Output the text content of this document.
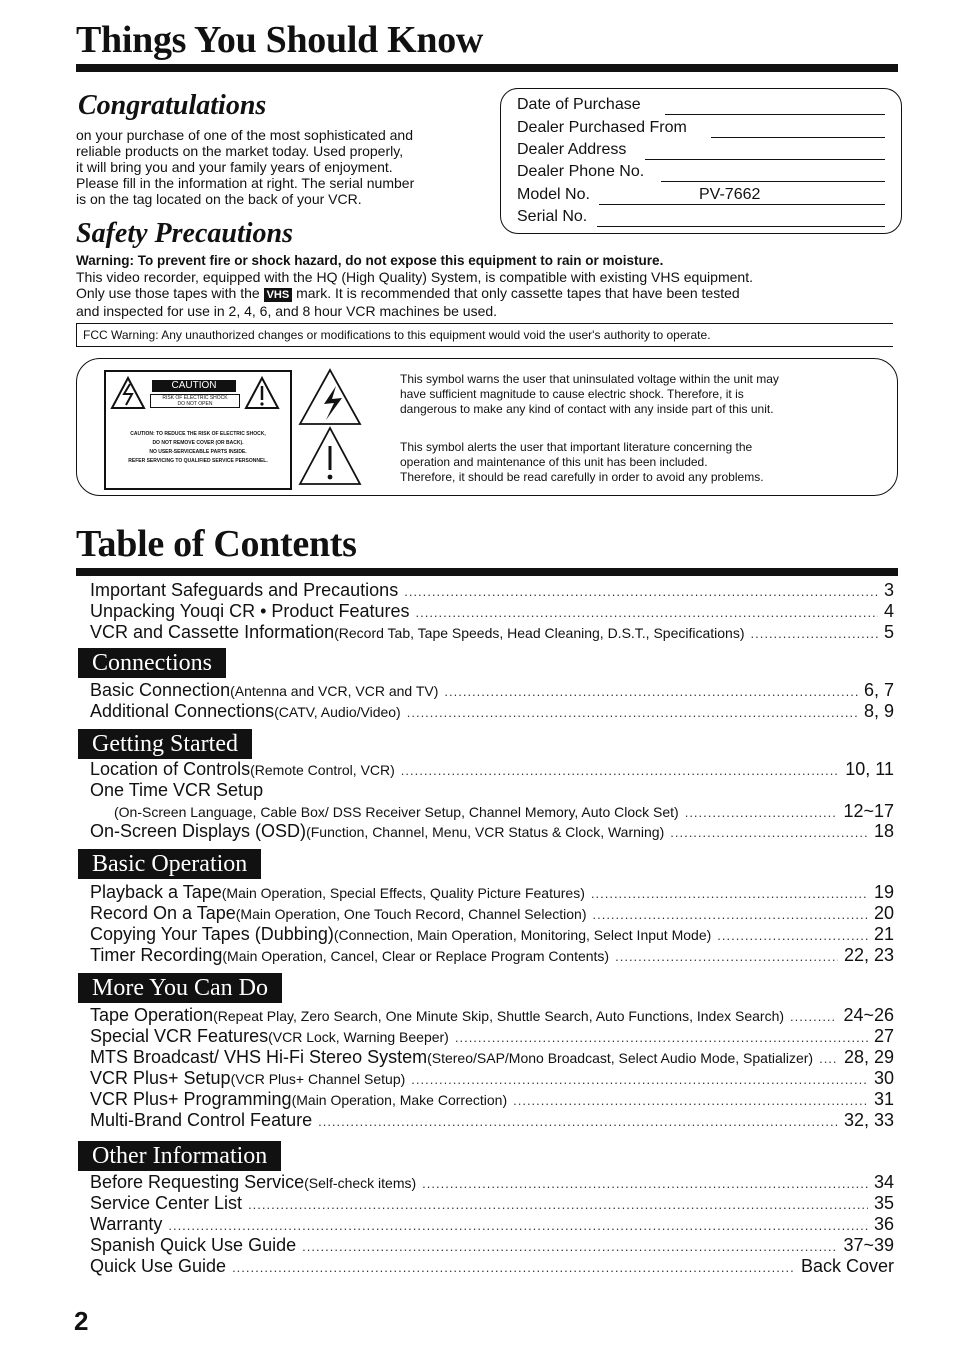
Things You Should Know
Congratulations
on your purchase of one of the most sophisticated and
reliable products on the market today. Used properly,
it will bring you and your family years of enjoyment.
Please fill in the information at right. The serial number
is on the tag located on the back of your VCR.
Date of Purchase
Dealer Purchased From
Dealer Address
Dealer Phone No.
Model No.	PV-7662
Serial No.
Safety Precautions
Warning: To prevent fire or shock hazard, do not expose this equipment to rain or moisture.
This video recorder, equipped with the HQ (High Quality) System, is compatible with existing VHS equipment.
Only use those tapes with the VHS mark. It is recommended that only cassette tapes that have been tested
and inspected for use in 2, 4, 6, and 8 hour VCR machines be used.
FCC Warning: Any unauthorized changes or modifications to this equipment would void the user's authority to operate.
CAUTION
RISK OF ELECTRIC SHOCK
DO NOT OPEN
CAUTION: TO REDUCE THE RISK OF ELECTRIC SHOCK,
DO NOT REMOVE COVER (OR BACK).
NO USER-SERVICEABLE PARTS INSIDE.
REFER SERVICING TO QUALIFIED SERVICE PERSONNEL.
This symbol warns the user that uninsulated voltage within the unit may
have sufficient magnitude to cause electric shock. Therefore, it is
dangerous to make any kind of contact with any inside part of this unit.
This symbol alerts the user that important literature concerning the
operation and maintenance of this unit has been included.
Therefore, it should be read carefully in order to avoid any problems.
Table of Contents
Important Safeguards and Precautions .....	3
Unpacking Youqi CR • Product Features .....	4
VCR and Cassette Information (Record Tab, Tape Speeds, Head Cleaning, D.S.T., Specifications) .....	5
Connections
Basic Connection (Antenna and VCR, VCR and TV) .....	6, 7
Additional Connections (CATV, Audio/Video) .....	8, 9
Getting Started
Location of Controls (Remote Control, VCR) .....	10, 11
One Time VCR Setup
(On-Screen Language, Cable Box/ DSS Receiver Setup, Channel Memory, Auto Clock Set) .....	12~17
On-Screen Displays (OSD) (Function, Channel, Menu, VCR Status & Clock, Warning) .....	18
Basic Operation
Playback a Tape (Main Operation, Special Effects, Quality Picture Features) .....	19
Record On a Tape (Main Operation, One Touch Record, Channel Selection) .....	20
Copying Your Tapes (Dubbing) (Connection, Main Operation, Monitoring, Select Input Mode) .....	21
Timer Recording (Main Operation, Cancel, Clear or Replace Program Contents) .....	22, 23
More You Can Do
Tape Operation (Repeat Play, Zero Search, One Minute Skip, Shuttle Search, Auto Functions, Index Search) .....	24~26
Special VCR Features (VCR Lock, Warning Beeper) .....	27
MTS Broadcast/ VHS Hi-Fi Stereo System (Stereo/SAP/Mono Broadcast, Select Audio Mode, Spatializer) ..... 28, 29
VCR Plus+ Setup (VCR Plus+ Channel Setup) .....	30
VCR Plus+ Programming (Main Operation, Make Correction) .....	31
Multi-Brand Control Feature .....	32, 33
Other Information
Before Requesting Service (Self-check items) .....	34
Service Center List .....	35
Warranty .....	36
Spanish Quick Use Guide .....	37~39
Quick Use Guide .....	Back Cover
2
